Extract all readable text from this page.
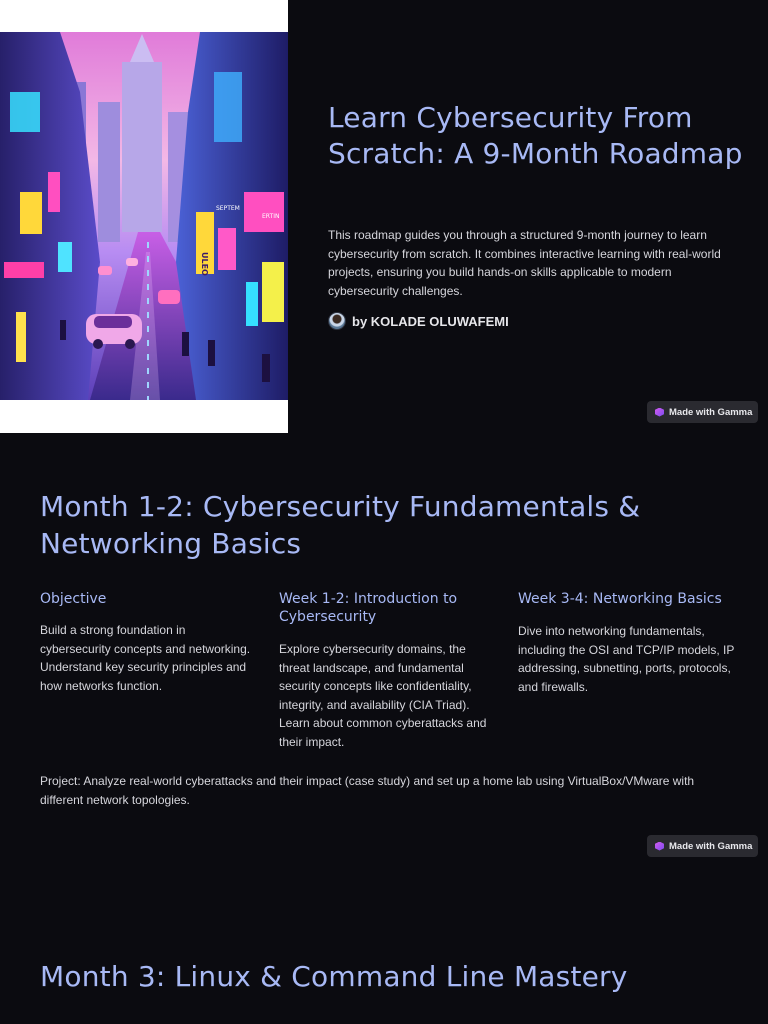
ULEO
SEPTEM
ERTIN
Learn Cybersecurity From Scratch: A 9-Month Roadmap

This roadmap guides you through a structured 9-month journey to learn cybersecurity from scratch. It combines interactive learning with real-world projects, ensuring you build hands-on skills applicable to modern cybersecurity challenges.

by KOLADE OLUWAFEMI
Made with Gamma
Month 1-2: Cybersecurity Fundamentals & Networking Basics
Objective

Build a strong foundation in cybersecurity concepts and networking. Understand key security principles and how networks function.

Week 1-2: Introduction to Cybersecurity

Explore cybersecurity domains, the threat landscape, and fundamental security concepts like confidentiality, integrity, and availability (CIA Triad). Learn about common cyberattacks and their impact.

Week 3-4: Networking Basics

Dive into networking fundamentals, including the OSI and TCP/IP models, IP addressing, subnetting, ports, protocols, and firewalls.

Project: Analyze real-world cyberattacks and their impact (case study) and set up a home lab using VirtualBox/VMware with different network topologies.

Made with Gamma
Month 3: Linux & Command Line Mastery
